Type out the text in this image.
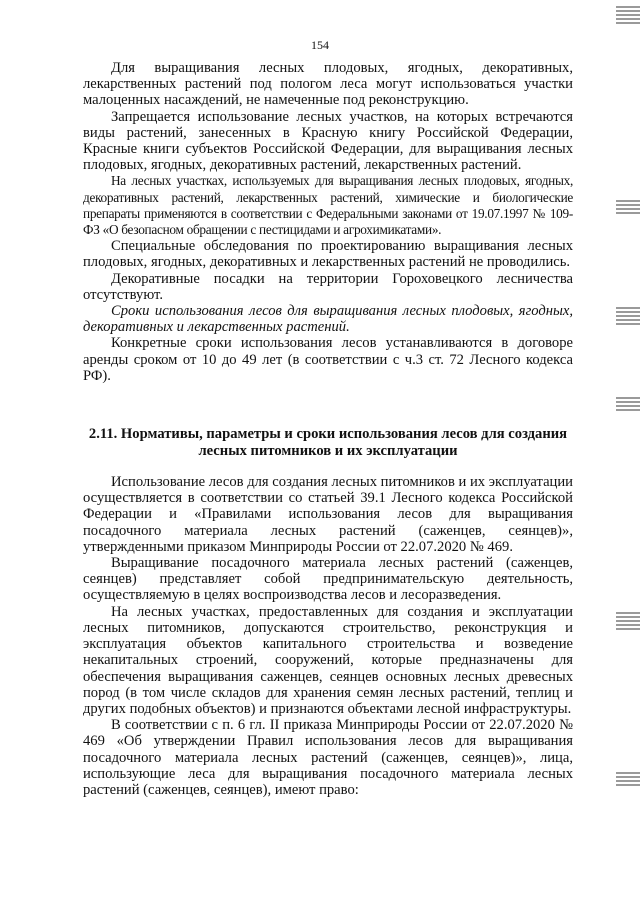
154

Для выращивания лесных плодовых, ягодных, декоративных, лекарственных растений под пологом леса могут использоваться участки малоценных насаждений, не намеченные под реконструкцию.

Запрещается использование лесных участков, на которых встречаются виды растений, занесенных в Красную книгу Российской Федерации, Красные книги субъектов Российской Федерации, для выращивания лесных плодовых, ягодных, декоративных растений, лекарственных растений.

На лесных участках, используемых для выращивания лесных плодовых, ягодных, декоративных растений, лекарственных растений, химические и биологические препараты применяются в соответствии с Федеральными законами от 19.07.1997 № 109-ФЗ «О безопасном обращении с пестицидами и агрохимикатами».

Специальные обследования по проектированию выращивания лесных плодовых, ягодных, декоративных и лекарственных растений не проводились.

Декоративные посадки на территории Гороховецкого лесничества отсутствуют.

Сроки использования лесов для выращивания лесных плодовых, ягодных, декоративных и лекарственных растений.

Конкретные сроки использования лесов устанавливаются в договоре аренды сроком от 10 до 49 лет (в соответствии с ч.3 ст. 72 Лесного кодекса РФ).

2.11. Нормативы, параметры и сроки использования лесов для создания лесных питомников и их эксплуатации

Использование лесов для создания лесных питомников и их эксплуатации осуществляется в соответствии со статьей 39.1 Лесного кодекса Российской Федерации и «Правилами использования лесов для выращивания посадочного материала лесных растений (саженцев, сеянцев)», утвержденными приказом Минприроды России от 22.07.2020 № 469.

Выращивание посадочного материала лесных растений (саженцев, сеянцев) представляет собой предпринимательскую деятельность, осуществляемую в целях воспроизводства лесов и лесоразведения.

На лесных участках, предоставленных для создания и эксплуатации лесных питомников, допускаются строительство, реконструкция и эксплуатация объектов капитального строительства и возведение некапитальных строений, сооружений, которые предназначены для обеспечения выращивания саженцев, сеянцев основных лесных древесных пород (в том числе складов для хранения семян лесных растений, теплиц и других подобных объектов) и признаются объектами лесной инфраструктуры.

В соответствии с п. 6 гл. II приказа Минприроды России от 22.07.2020 № 469 «Об утверждении Правил использования лесов для выращивания посадочного материала лесных растений (саженцев, сеянцев)», лица, использующие леса для выращивания посадочного материала лесных растений (саженцев, сеянцев), имеют право:
